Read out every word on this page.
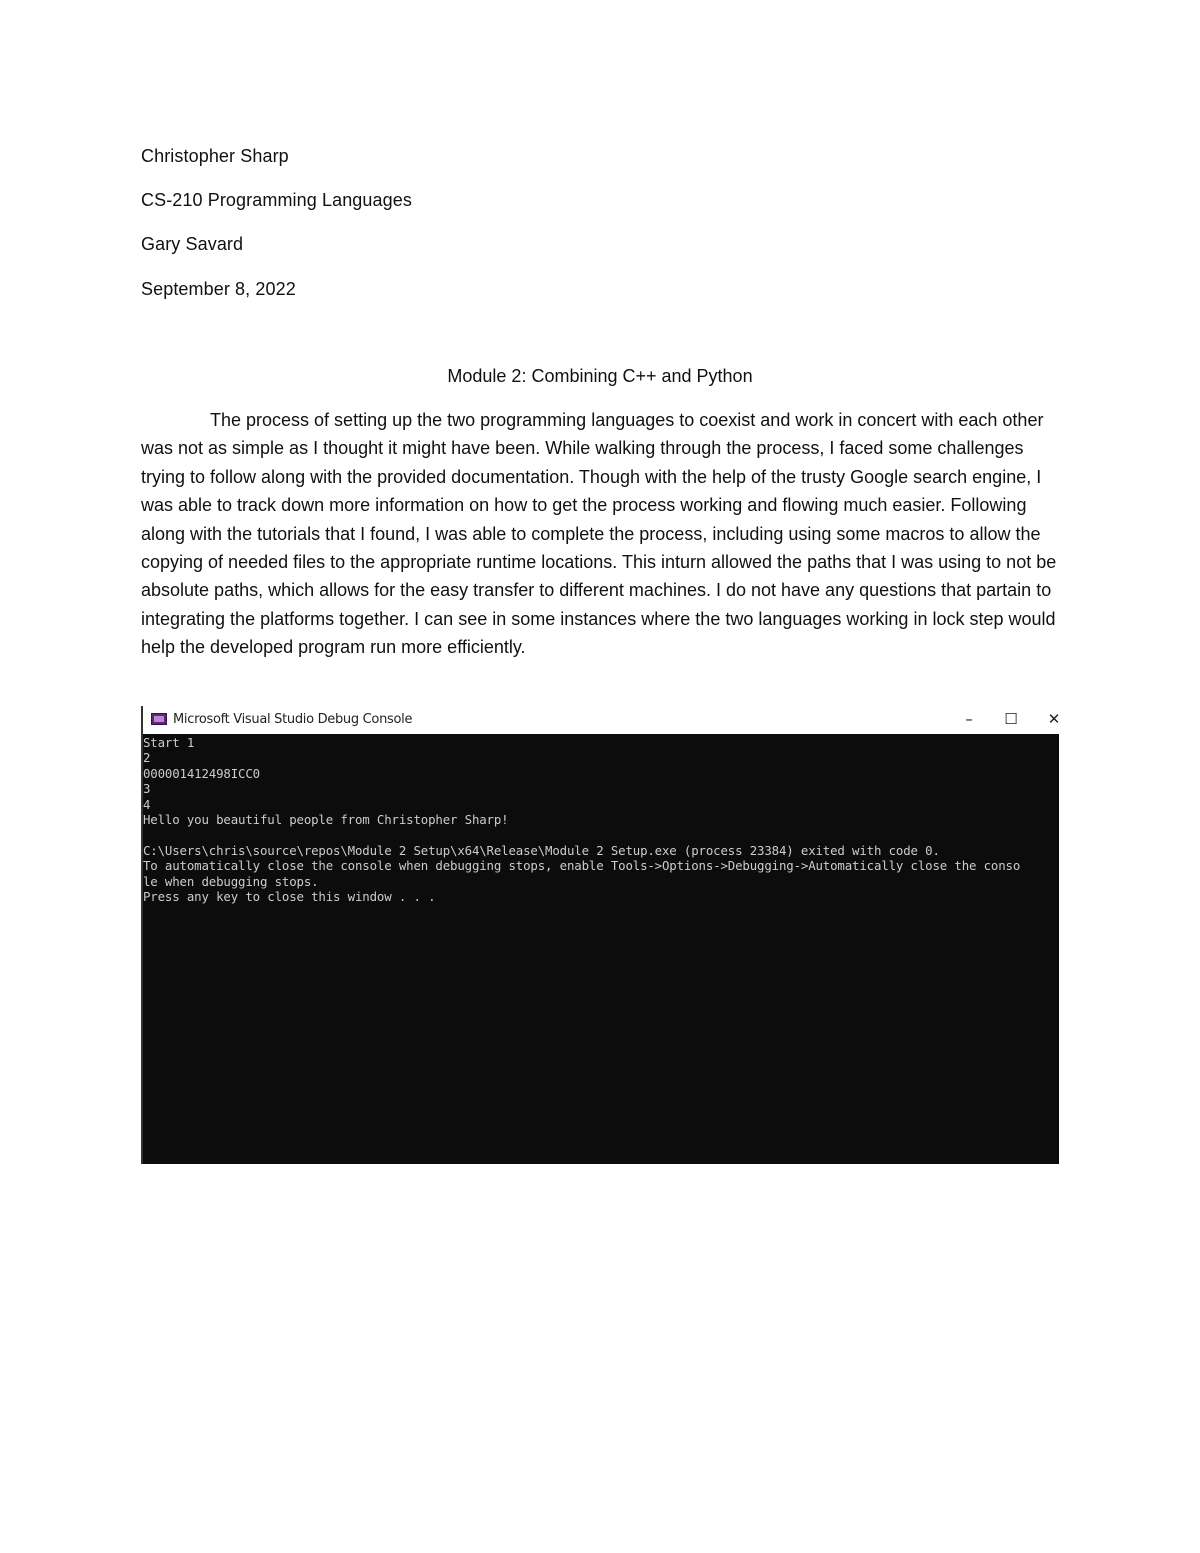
Christopher Sharp
CS-210 Programming Languages
Gary Savard
September 8, 2022
Module 2: Combining C++ and Python

The process of setting up the two programming languages to coexist and work in concert with each other was not as simple as I thought it might have been. While walking through the process, I faced some challenges trying to follow along with the provided documentation. Though with the help of the trusty Google search engine, I was able to track down more information on how to get the process working and flowing much easier. Following along with the tutorials that I found, I was able to complete the process, including using some macros to allow the copying of needed files to the appropriate runtime locations. This inturn allowed the paths that I was using to not be absolute paths, which allows for the easy transfer to different machines. I do not have any questions that partain to integrating the platforms together. I can see in some instances where the two languages working in lock step would help the developed program run more efficiently.

Microsoft Visual Studio Debug Console	–	☐	✕
Start 1
2
000001412498ICC0
3
4
Hello you beautiful people from Christopher Sharp!

C:\Users\chris\source\repos\Module 2 Setup\x64\Release\Module 2 Setup.exe (process 23384) exited with code 0.
To automatically close the console when debugging stops, enable Tools->Options->Debugging->Automatically close the conso
le when debugging stops.
Press any key to close this window . . .
